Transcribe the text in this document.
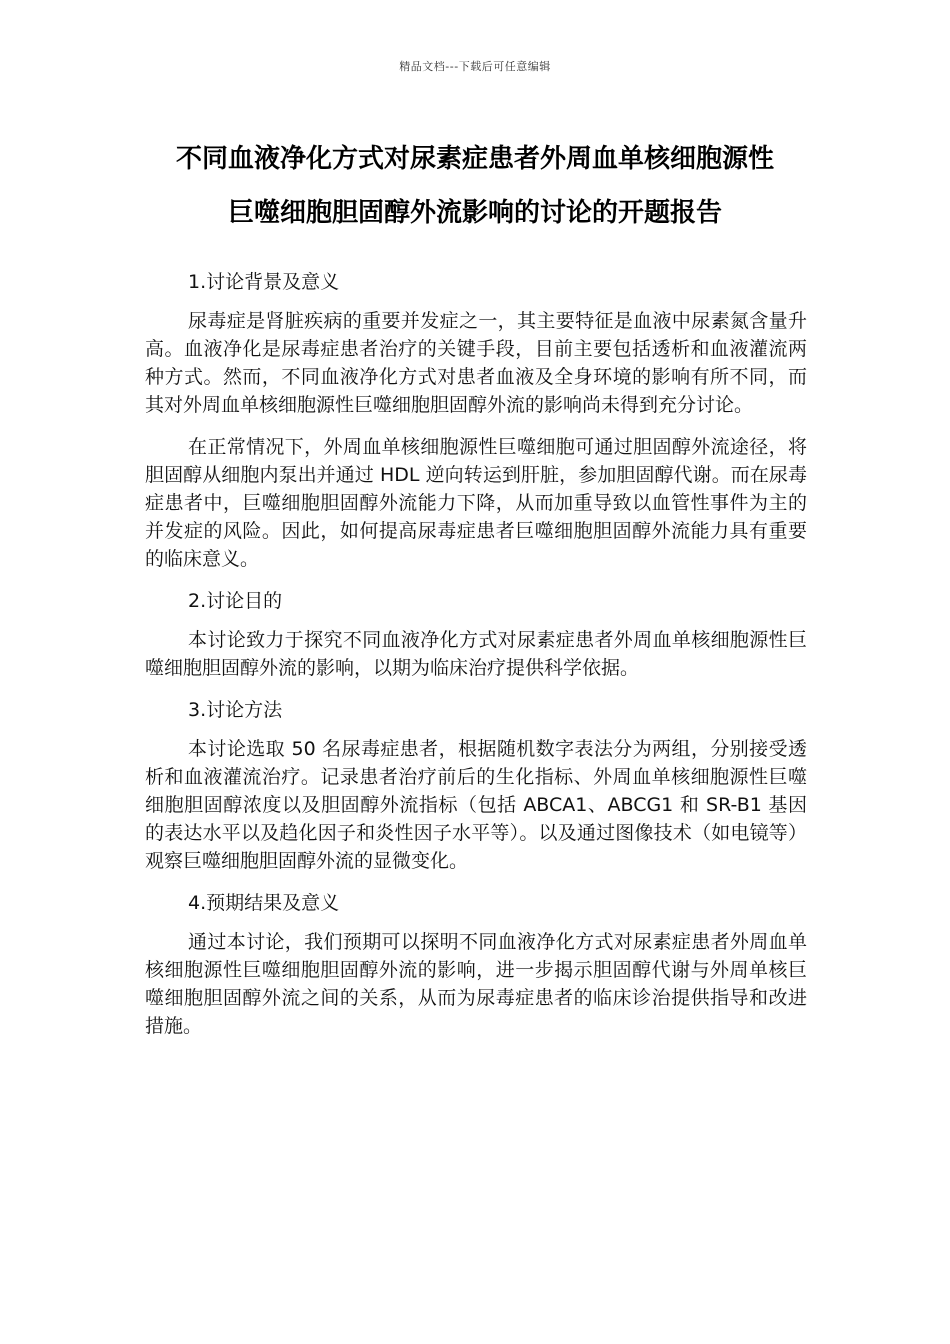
精品文档---下载后可任意编辑
不同血液净化方式对尿素症患者外周血单核细胞源性
巨噬细胞胆固醇外流影响的讨论的开题报告

1.讨论背景及意义

尿毒症是肾脏疾病的重要并发症之一，其主要特征是血液中尿素氮含量升高。血液净化是尿毒症患者治疗的关键手段，目前主要包括透析和血液灌流两种方式。然而，不同血液净化方式对患者血液及全身环境的影响有所不同，而其对外周血单核细胞源性巨噬细胞胆固醇外流的影响尚未得到充分讨论。

在正常情况下，外周血单核细胞源性巨噬细胞可通过胆固醇外流途径，将胆固醇从细胞内泵出并通过 HDL 逆向转运到肝脏，参加胆固醇代谢。而在尿毒症患者中，巨噬细胞胆固醇外流能力下降，从而加重导致以血管性事件为主的并发症的风险。因此，如何提高尿毒症患者巨噬细胞胆固醇外流能力具有重要的临床意义。

2.讨论目的

本讨论致力于探究不同血液净化方式对尿素症患者外周血单核细胞源性巨噬细胞胆固醇外流的影响，以期为临床治疗提供科学依据。

3.讨论方法

本讨论选取 50 名尿毒症患者，根据随机数字表法分为两组，分别接受透析和血液灌流治疗。记录患者治疗前后的生化指标、外周血单核细胞源性巨噬细胞胆固醇浓度以及胆固醇外流指标（包括 ABCA1、ABCG1 和 SR-B1 基因的表达水平以及趋化因子和炎性因子水平等）。以及通过图像技术（如电镜等）观察巨噬细胞胆固醇外流的显微变化。

4.预期结果及意义

通过本讨论，我们预期可以探明不同血液净化方式对尿素症患者外周血单核细胞源性巨噬细胞胆固醇外流的影响，进一步揭示胆固醇代谢与外周单核巨噬细胞胆固醇外流之间的关系，从而为尿毒症患者的临床诊治提供指导和改进措施。
